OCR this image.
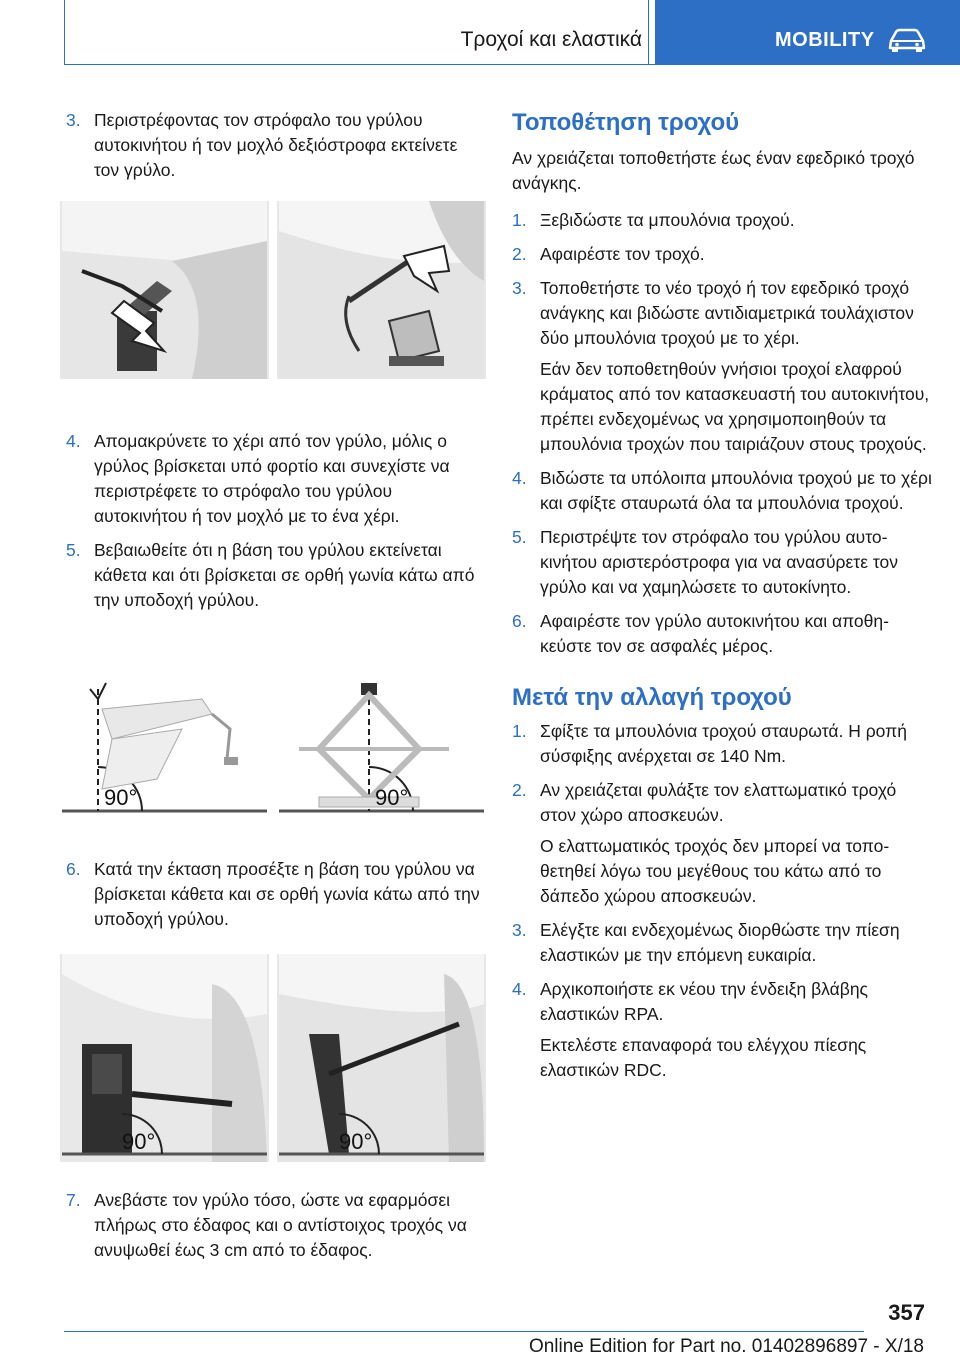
Τροχοί και ελαστικά	MOBILITY

3. Περιστρέφοντας τον στρόφαλο του γρύλου αυτοκινήτου ή τον μοχλό δεξιόστροφα εκτείνετε τον γρύλο.

4. Απομακρύνετε το χέρι από τον γρύλο, μόλις ο γρύλος βρίσκεται υπό φορτίο και συνεχίστε να περιστρέφετε το στρόφαλο του γρύλου αυτοκινήτου ή τον μοχλό με το ένα χέρι.

5. Βεβαιωθείτε ότι η βάση του γρύλου εκτείνεται κάθετα και ότι βρίσκεται σε ορθή γωνία κάτω από την υποδοχή γρύλου.

90°	90°

6. Κατά την έκταση προσέξτε η βάση του γρύλου να βρίσκεται κάθετα και σε ορθή γωνία κάτω από την υποδοχή γρύλου.

90°	90°

7. Ανεβάστε τον γρύλο τόσο, ώστε να εφαρμόσει πλήρως στο έδαφος και ο αντίστοιχος τροχός να ανυψωθεί έως 3 cm από το έδαφος.

Τοποθέτηση τροχού

Αν χρειάζεται τοποθετήστε έως έναν εφεδρικό τροχό ανάγκης.

1. Ξεβιδώστε τα μπουλόνια τροχού.

2. Αφαιρέστε τον τροχό.

3. Τοποθετήστε το νέο τροχό ή τον εφεδρικό τροχό ανάγκης και βιδώστε αντιδιαμετρικά τουλάχιστον δύο μπουλόνια τροχού με το χέρι.
Εάν δεν τοποθετηθούν γνήσιοι τροχοί ελαφρού κράματος από τον κατασκευαστή του αυτοκινήτου, πρέπει ενδεχομένως να χρησιμοποιηθούν τα μπουλόνια τροχών που ταιριάζουν στους τροχούς.

4. Βιδώστε τα υπόλοιπα μπουλόνια τροχού με το χέρι και σφίξτε σταυρωτά όλα τα μπουλόνια τροχού.

5. Περιστρέψτε τον στρόφαλο του γρύλου αυτοκινήτου αριστερόστροφα για να ανασύρετε τον γρύλο και να χαμηλώσετε το αυτοκίνητο.

6. Αφαιρέστε τον γρύλο αυτοκινήτου και αποθηκεύστε τον σε ασφαλές μέρος.

Μετά την αλλαγή τροχού

1. Σφίξτε τα μπουλόνια τροχού σταυρωτά. Η ροπή σύσφιξης ανέρχεται σε 140 Nm.

2. Αν χρειάζεται φυλάξτε τον ελαττωματικό τροχό στον χώρο αποσκευών.
Ο ελαττωματικός τροχός δεν μπορεί να τοποθετηθεί λόγω του μεγέθους του κάτω από το δάπεδο χώρου αποσκευών.

3. Ελέγξτε και ενδεχομένως διορθώστε την πίεση ελαστικών με την επόμενη ευκαιρία.

4. Αρχικοποιήστε εκ νέου την ένδειξη βλάβης ελαστικών RPA.
Εκτελέστε επαναφορά του ελέγχου πίεσης ελαστικών RDC.

357
Online Edition for Part no. 01402896897 - X/18
